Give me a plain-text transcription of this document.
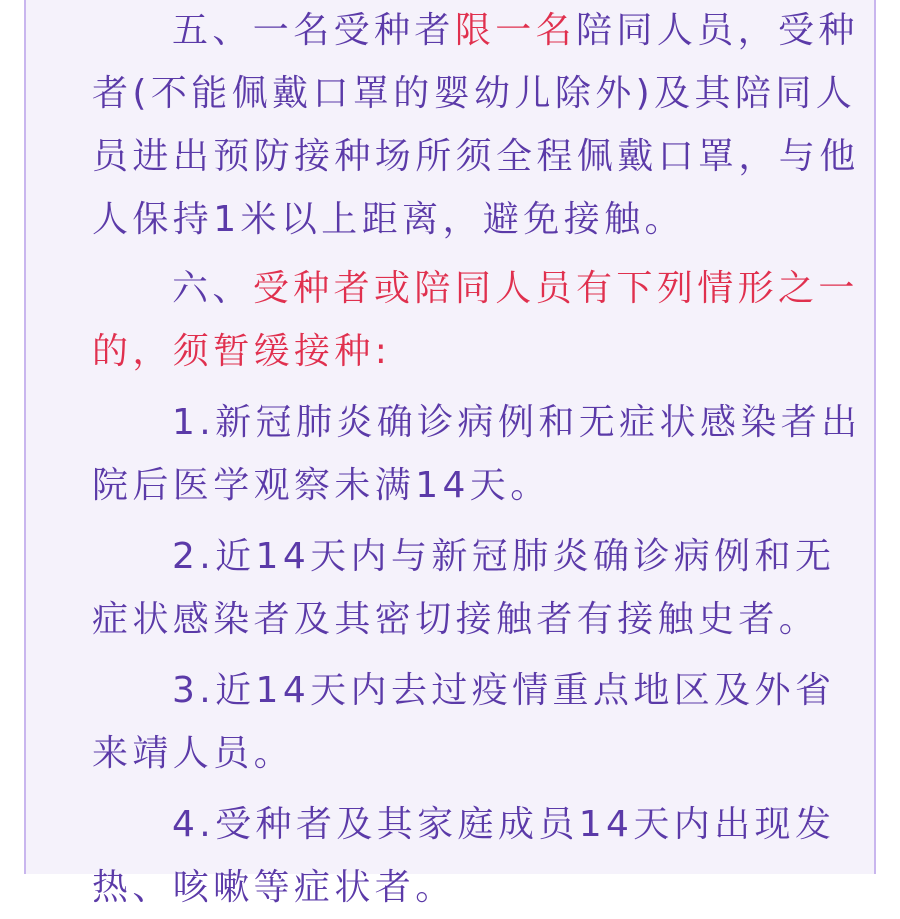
五、一名受种者限一名陪同人员，受种者(不能佩戴口罩的婴幼儿除外)及其陪同人员进出预防接种场所须全程佩戴口罩，与他人保持1米以上距离，避免接触。

六、受种者或陪同人员有下列情形之一的，须暂缓接种:

1.新冠肺炎确诊病例和无症状感染者出院后医学观察未满14天。

2.近14天内与新冠肺炎确诊病例和无症状感染者及其密切接触者有接触史者。

3.近14天内去过疫情重点地区及外省来靖人员。

4.受种者及其家庭成员14天内出现发热、咳嗽等症状者。
